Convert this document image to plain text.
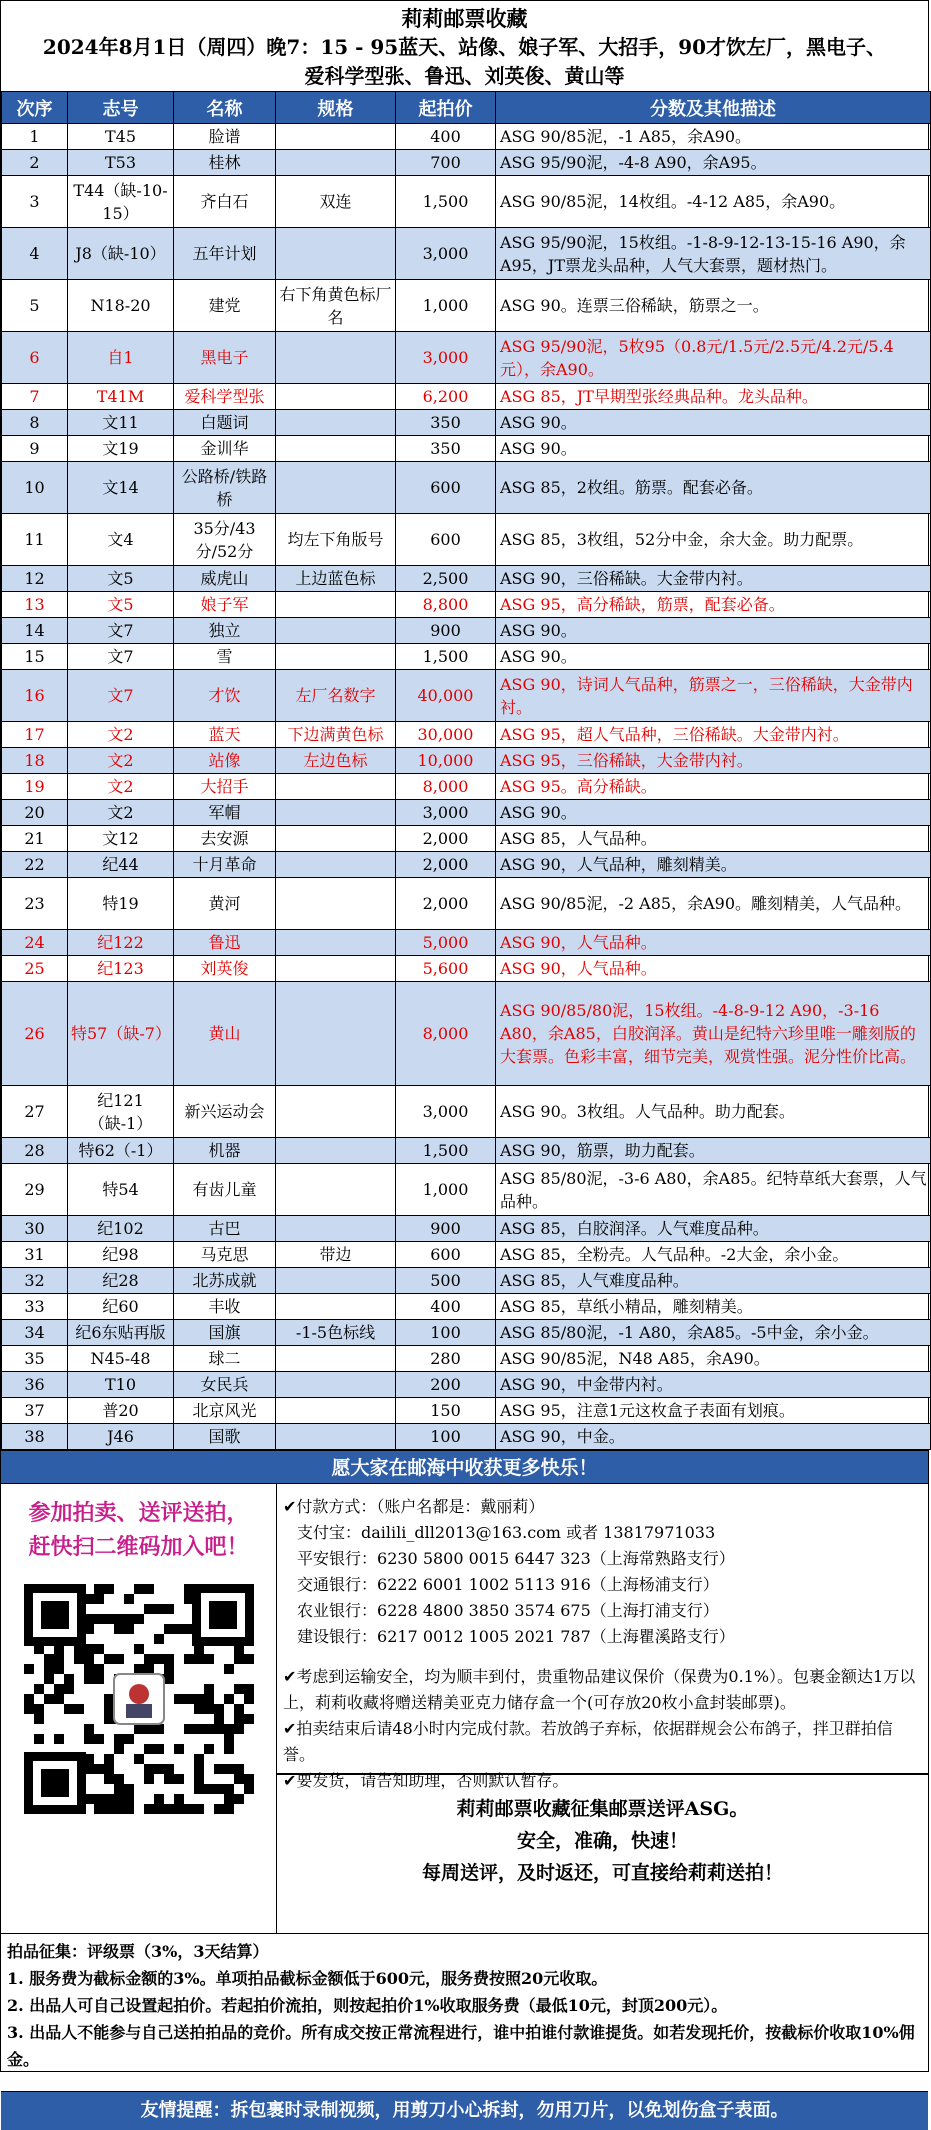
莉莉邮票收藏
2024年8月1日（周四）晚7：15 - 95蓝天、站像、娘子军、大招手，90才饮左厂，黑电子、
爱科学型张、鲁迅、刘英俊、黄山等
次序	志号	名称	规格	起拍价	分数及其他描述
1	T45	脸谱		400	ASG 90/85泥，-1 A85，余A90。
2	T53	桂林		700	ASG 95/90泥，-4-8 A90，余A95。
3	T44（缺-10-15）	齐白石	双连	1,500	ASG 90/85泥，14枚组。-4-12 A85，余A90。
4	J8（缺-10）	五年计划		3,000	ASG 95/90泥，15枚组。-1-8-9-12-13-15-16 A90，余A95，JT票龙头品种，人气大套票，题材热门。
5	N18-20	建党	右下角黄色标厂名	1,000	ASG 90。连票三俗稀缺，筋票之一。
6	自1	黑电子		3,000	ASG 95/90泥，5枚95（0.8元/1.5元/2.5元/4.2元/5.4元），余A90。
7	T41M	爱科学型张		6,200	ASG 85，JT早期型张经典品种。龙头品种。
8	文11	白题词		350	ASG 90。
9	文19	金训华		350	ASG 90。
10	文14	公路桥/铁路桥		600	ASG 85，2枚组。筋票。配套必备。
11	文4	35分/43分/52分	均左下角版号	600	ASG 85，3枚组，52分中金，余大金。助力配票。
12	文5	威虎山	上边蓝色标	2,500	ASG 90，三俗稀缺。大金带内衬。
13	文5	娘子军		8,800	ASG 95，高分稀缺，筋票，配套必备。
14	文7	独立		900	ASG 90。
15	文7	雪		1,500	ASG 90。
16	文7	才饮	左厂名数字	40,000	ASG 90，诗词人气品种，筋票之一，三俗稀缺，大金带内衬。
17	文2	蓝天	下边满黄色标	30,000	ASG 95，超人气品种，三俗稀缺。大金带内衬。
18	文2	站像	左边色标	10,000	ASG 95，三俗稀缺，大金带内衬。
19	文2	大招手		8,000	ASG 95。高分稀缺。
20	文2	军帽		3,000	ASG 90。
21	文12	去安源		2,000	ASG 85，人气品种。
22	纪44	十月革命		2,000	ASG 90，人气品种，雕刻精美。
23	特19	黄河		2,000	ASG 90/85泥，-2 A85，余A90。雕刻精美，人气品种。
24	纪122	鲁迅		5,000	ASG 90，人气品种。
25	纪123	刘英俊		5,600	ASG 90，人气品种。
26	特57（缺-7）	黄山		8,000	ASG 90/85/80泥，15枚组。-4-8-9-12 A90，-3-16 A80，余A85，白胶润泽。黄山是纪特六珍里唯一雕刻版的大套票。色彩丰富，细节完美，观赏性强。泥分性价比高。
27	纪121（缺-1）	新兴运动会		3,000	ASG 90。3枚组。人气品种。助力配套。
28	特62（-1）	机器		1,500	ASG 90，筋票，助力配套。
29	特54	有齿儿童		1,000	ASG 85/80泥，-3-6 A80，余A85。纪特草纸大套票，人气品种。
30	纪102	古巴		900	ASG 85，白胶润泽。人气难度品种。
31	纪98	马克思	带边	600	ASG 85，全粉壳。人气品种。-2大金，余小金。
32	纪28	北苏成就		500	ASG 85，人气难度品种。
33	纪60	丰收		400	ASG 85，草纸小精品，雕刻精美。
34	纪6东贴再版	国旗	-1-5色标线	100	ASG 85/80泥，-1 A80，余A85。-5中金，余小金。
35	N45-48	球二		280	ASG 90/85泥，N48 A85，余A90。
36	T10	女民兵		200	ASG 90，中金带内衬。
37	普20	北京风光		150	ASG 95，注意1元这枚盒子表面有划痕。
38	J46	国歌		100	ASG 90，中金。
愿大家在邮海中收获更多快乐！
参加拍卖、送评送拍，
赶快扫二维码加入吧！
✔付款方式：（账户名都是：戴丽莉）
支付宝：dailili_dll2013@163.com 或者 13817971033
平安银行：6230 5800 0015 6447 323（上海常熟路支行）
交通银行：6222 6001 1002 5113 916（上海杨浦支行）
农业银行：6228 4800 3850 3574 675（上海打浦支行）
建设银行：6217 0012 1005 2021 787（上海瞿溪路支行）
✔考虑到运输安全，均为顺丰到付，贵重物品建议保价（保费为0.1%）。包裹金额达1万以上，莉莉收藏将赠送精美亚克力储存盒一个(可存放20枚小盒封装邮票)。
✔拍卖结束后请48小时内完成付款。若放鸽子弃标，依据群规会公布鸽子，拌卫群拍信誉。
✔要发货，请告知助理，否则默认暂存。
莉莉邮票收藏征集邮票送评ASG。
安全，准确，快速！
每周送评，及时返还，可直接给莉莉送拍！
拍品征集：评级票（3%，3天结算）
1. 服务费为截标金额的3%。单项拍品截标金额低于600元，服务费按照20元收取。
2. 出品人可自己设置起拍价。若起拍价流拍，则按起拍价1%收取服务费（最低10元，封顶200元）。
3. 出品人不能参与自己送拍拍品的竞价。所有成交按正常流程进行，谁中拍谁付款谁提货。如若发现托价，按截标价收取10%佣金。
友情提醒：拆包裹时录制视频，用剪刀小心拆封，勿用刀片，以免划伤盒子表面。
